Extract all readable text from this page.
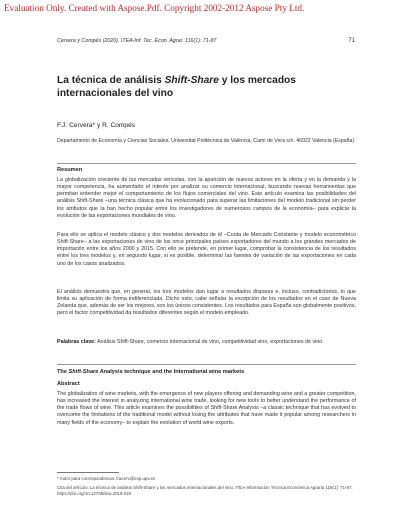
Evaluation Only. Created with Aspose.Pdf. Copyright 2002-2012 Aspose Pty Ltd.
Cervera y Compés (2020). ITEA-Inf. Tec. Econ. Agrar. 116(1): 71-87	71
La técnica de análisis Shift-Share y los mercados internacionales del vino
F.J. Cervera* y R. Compés
Departamento de Economía y Ciencias Sociales, Universitat Politècnica de València, Camí de Vera s/n. 46022 Valencia (España)
Resumen

La globalización creciente de los mercados vinícolas, con la aparición de nuevos actores en la oferta y en la demanda y la mayor competencia, ha aumentado el interés por analizar su comercio internacional, buscando nuevas herramientas que permitan entender mejor el comportamiento de los flujos comerciales del vino. Este artículo examina las posibilidades del análisis Shift-Share –una técnica clásica que ha evolucionado para superar las limitaciones del modelo tradicional sin perder los atributos que la han hecho popular entre los investigadores de numerosos campos de la economía– para explicar la evolución de las exportaciones mundiales de vino.

Para ello se aplica el modelo clásico y dos modelos derivados de él –Cuota de Mercado Constante y modelo econométrico Shift-Share– a las exportaciones de vino de los once principales países exportadores del mundo a los grandes mercados de importación entre los años 2000 y 2015. Con ello se pretende, en primer lugar, comprobar la consistencia de los resultados entre los tres modelos y, en segundo lugar, si es posible, determinar las fuentes de variación de las exportaciones en cada uno de los casos analizados.

El análisis demuestra que, en general, los tres modelos dan lugar a resultados dispares e, incluso, contradictorios, lo que limita su aplicación de forma indiferenciada. Dicho esto, cabe señalar la excepción de los resultados en el caso de Nueva Zelanda que, además de ser los mejores, son los únicos consistentes. Los resultados para España son globalmente positivos, pero el factor competitividad da resultados diferentes según el modelo empleado.

Palabras clave: Análisis Shift-Share, comercio internacional de vino, competitividad vino, exportaciones de vino.
The Shift-Share Analysis technique and the International wine markets
Abstract

The globalization of wine markets, with the emergence of new players offering and demanding wine and a greater competition, has increased the interest in analyzing international wine trade, looking for new tools to better understand the performance of the trade flows of wine. This article examines the possibilities of Shift-Share Analysis –a classic technique that has evolved to overcome the limitations of the traditional model without losing the attributes that have made it popular among researchers in many fields of the economy– to explain the evolution of world wine exports.

* Autor para correspondencia: fracerv@esp.upv.es
Cita del artículo: La técnica de análisis Shift-Share y los mercados internacionales del vino. ITEA-Información Técnica Económica Agraria 116(1): 71-87. https://doi.org/10.12706/itea.2019.019
